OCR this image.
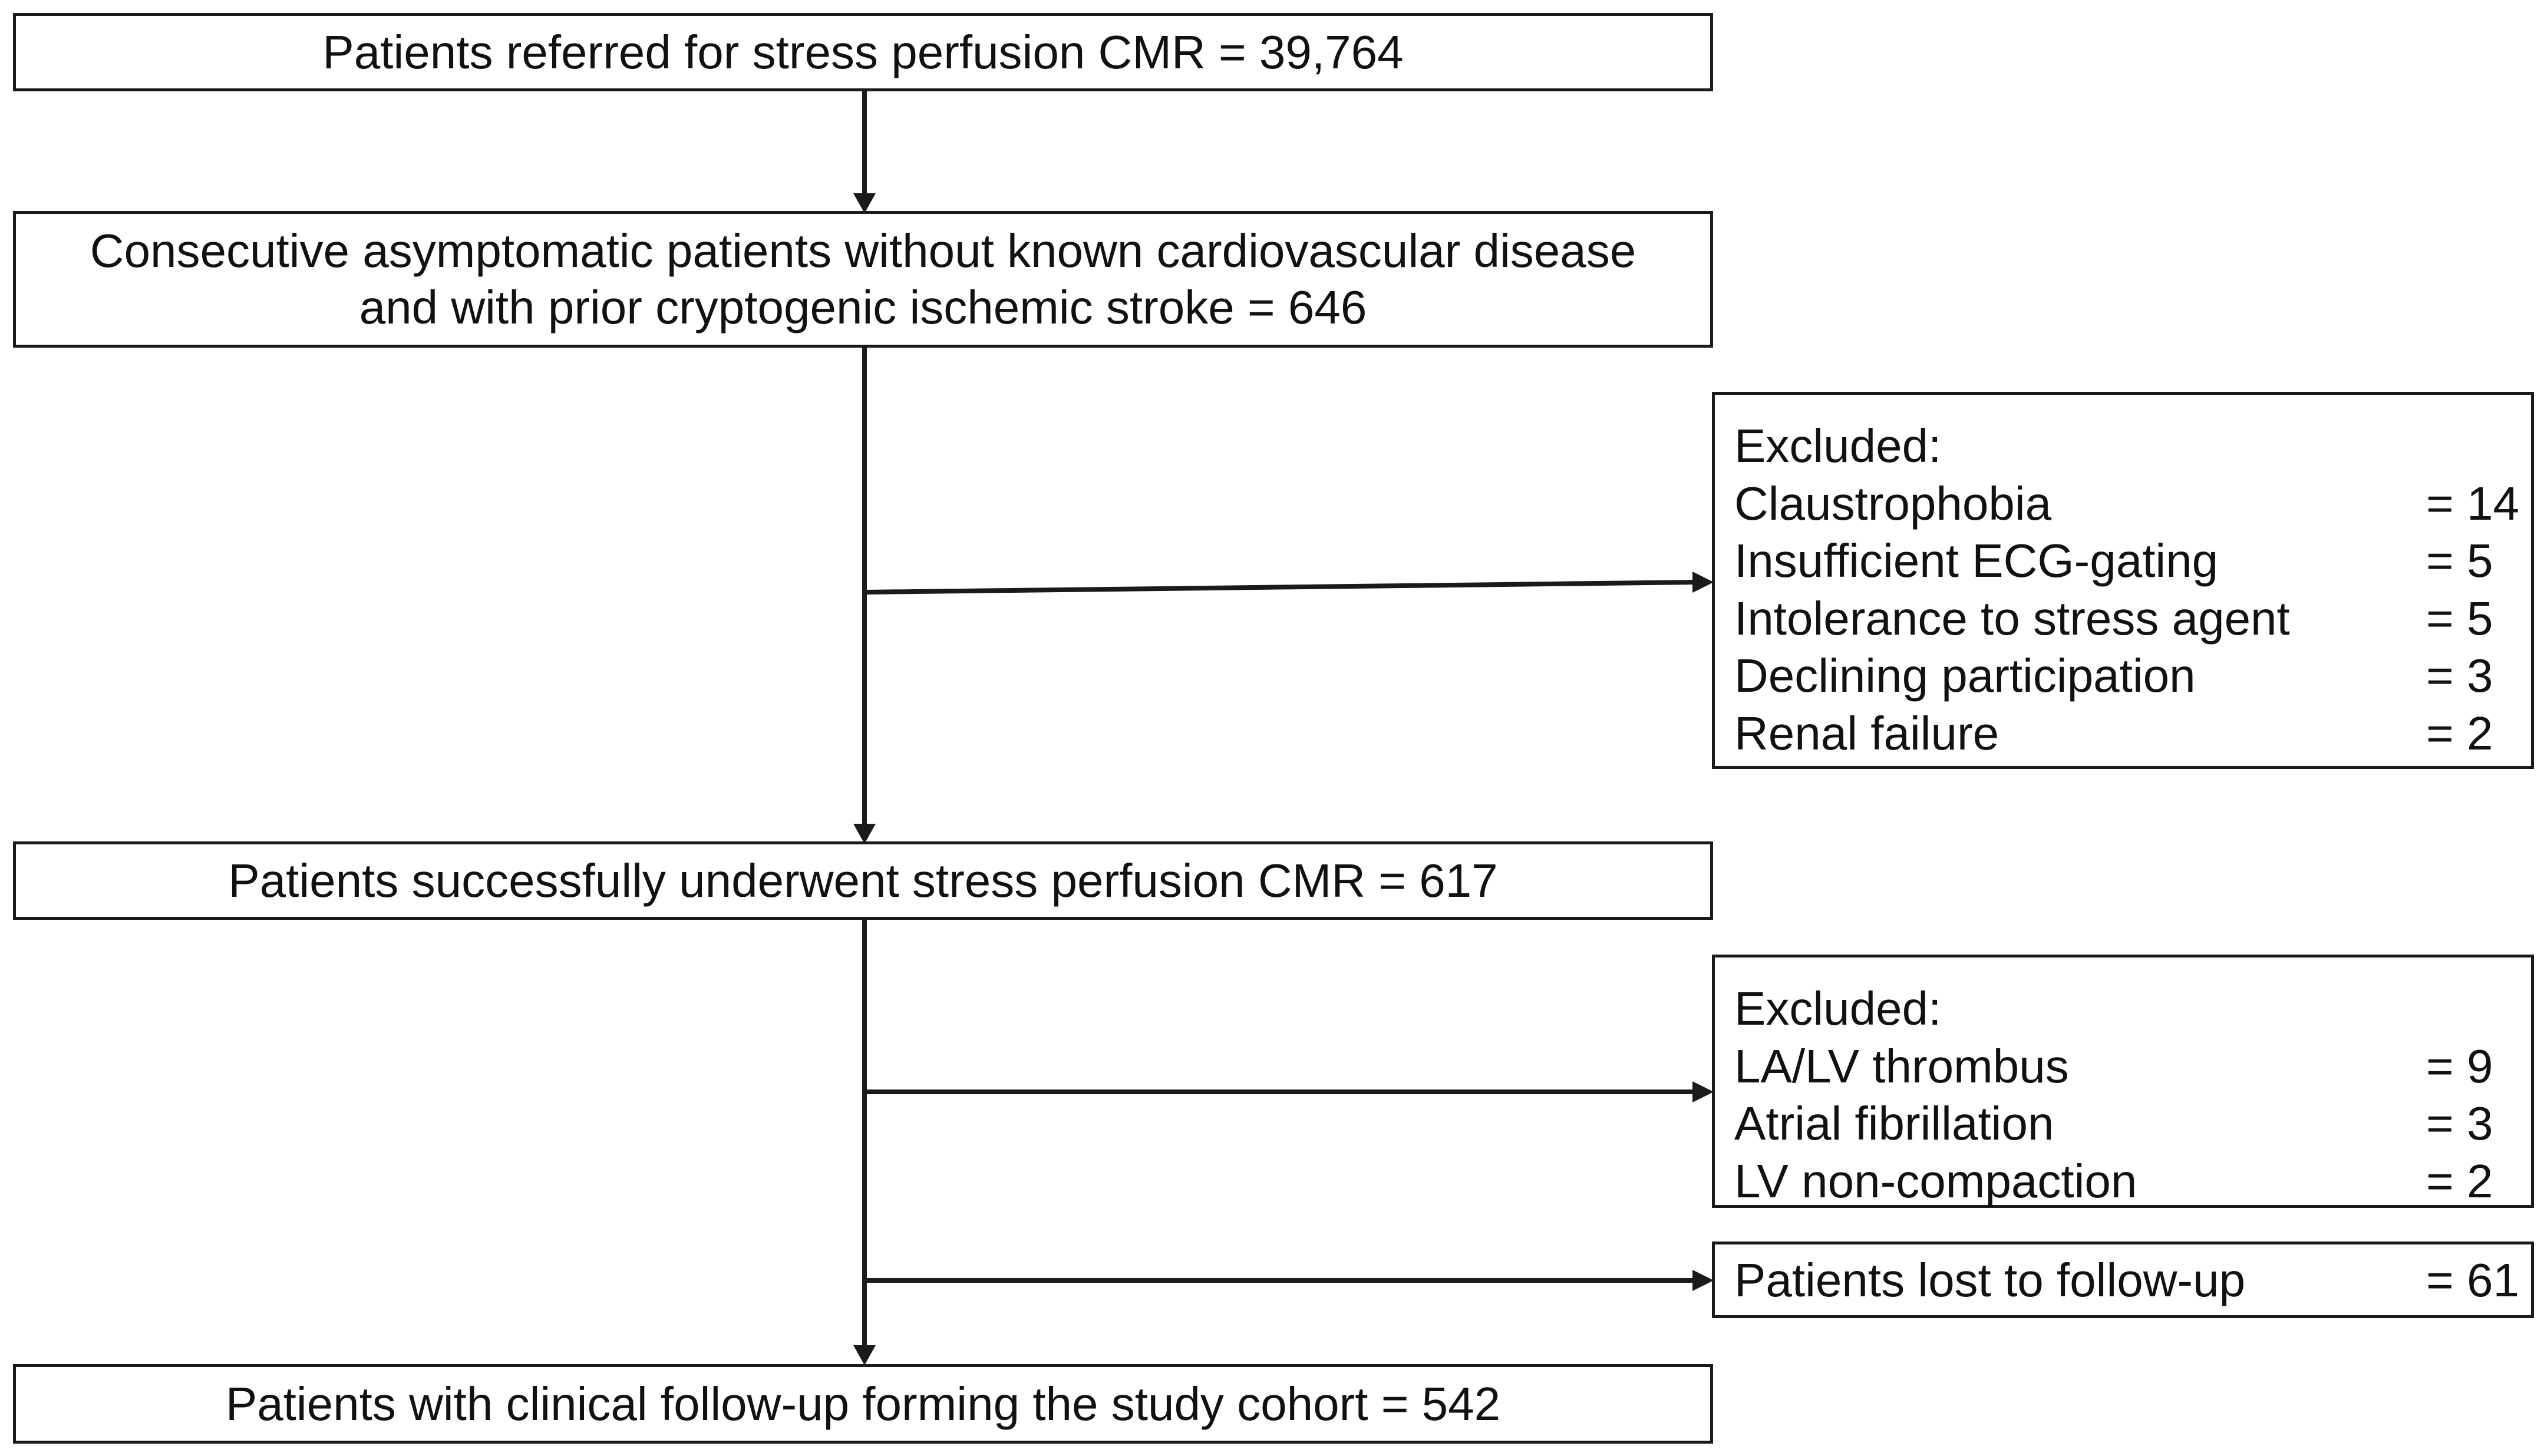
Patients referred for stress perfusion CMR = 39,764
Consecutive asymptomatic patients without known cardiovascular disease
and with prior cryptogenic ischemic stroke = 646
Excluded:
Claustrophobia	= 14
Insufficient ECG-gating	= 5
Intolerance to stress agent	= 5
Declining participation	= 3
Renal failure	= 2
Patients successfully underwent stress perfusion CMR = 617
Excluded:
LA/LV thrombus	= 9
Atrial fibrillation	= 3
LV non-compaction	= 2
Patients lost to follow-up	= 61
Patients with clinical follow-up forming the study cohort = 542
